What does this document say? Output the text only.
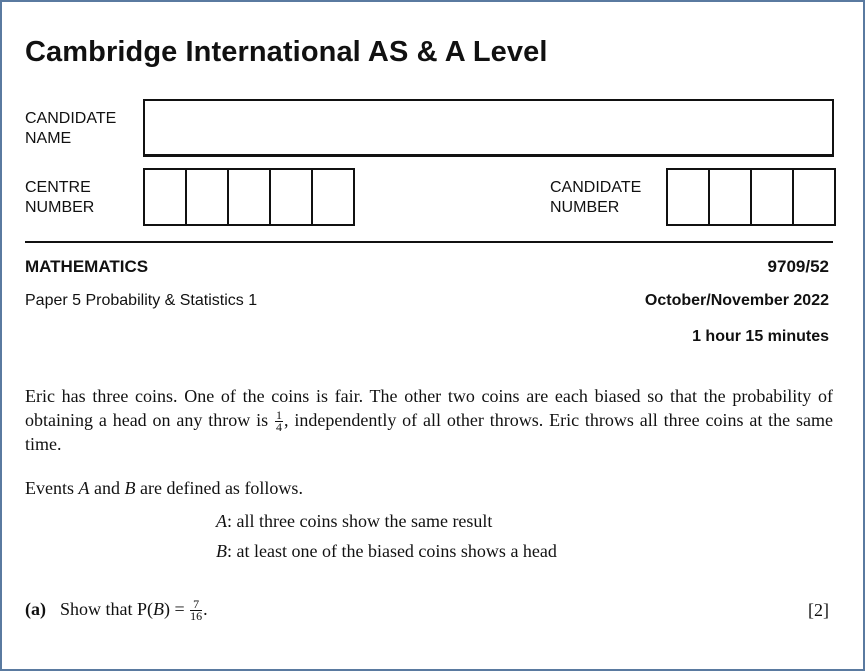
Cambridge International AS & A Level
CANDIDATE
NAME
CENTRE
NUMBER
CANDIDATE
NUMBER
MATHEMATICS	9709/52
Paper 5 Probability & Statistics 1	October/November 2022
1 hour 15 minutes
Eric has three coins. One of the coins is fair. The other two coins are each biased so that the probability of obtaining a head on any throw is $\frac{1}{4}$ , independently of all other throws. Eric throws all three coins at the same time.
Events A and B are defined as follows.
A: all three coins show the same result
B: at least one of the biased coins shows a head
(a) Show that $P(B) = \frac{7}{16}$ .	[2]
